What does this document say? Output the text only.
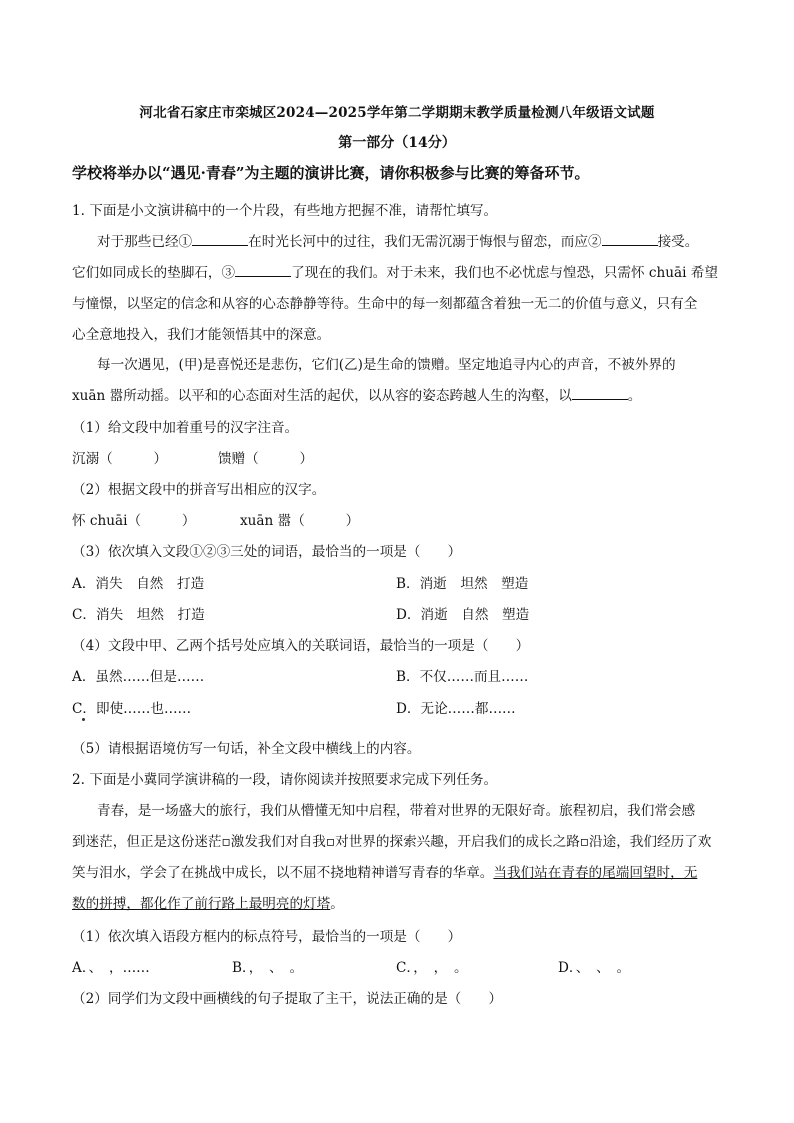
河北省石家庄市栾城区2024—2025学年第二学期期末教学质量检测八年级语文试题
第一部分（14分）
学校将举办以“遇见·青春”为主题的演讲比赛，请你积极参与比赛的筹备环节。
1. 下面是小文演讲稿中的一个片段，有些地方把握不准，请帮忙填写。
对于那些已经①	在时光长河中的过往，我们无需沉溺于悔恨与留恋，而应②	接受。
它们如同成长的垫脚石，③	了现在的我们。对于未来，我们也不必忧虑与惶恐，只需怀 chuāi 希望
与憧憬，以坚定的信念和从容的心态静静等待。生命中的每一刻都蕴含着独一无二的价值与意义，只有全
心全意地投入，我们才能领悟其中的深意。
每一次遇见，(甲)是喜悦还是悲伤，它们(乙)是生命的馈赠。坚定地追寻内心的声音，不被外界的
xuān 嚣所动摇。以平和的心态面对生活的起伏，以从容的姿态跨越人生的沟壑，以	。
（1）给文段中加着重号的汉字注音。
沉溺（　　　）	馈赠（　　　）
（2）根据文段中的拼音写出相应的汉字。
怀 chuāi（　　　）	xuān 嚣（　　　）
（3）依次填入文段①②③三处的词语，最恰当的一项是（　　）
A．消失　自然　打造	B．消逝　坦然　塑造
C．消失　坦然　打造	D．消逝　自然　塑造
（4）文段中甲、乙两个括号处应填入的关联词语，最恰当的一项是（　　）
A．虽然……但是……	B．不仅……而且……
C．即使……也……	D．无论……都……
（5）请根据语境仿写一句话，补全文段中横线上的内容。
2. 下面是小冀同学演讲稿的一段，请你阅读并按照要求完成下列任务。
青春，是一场盛大的旅行，我们从懵懂无知中启程，带着对世界的无限好奇。旅程初启，我们常会感
到迷茫，但正是这份迷茫▫激发我们对自我▫对世界的探索兴趣，开启我们的成长之路▫沿途，我们经历了欢
笑与泪水，学会了在挑战中成长，以不屈不挠地精神谱写青春的华章。当我们站在青春的尾端回望时，无
数的拼搏，都化作了前行路上最明亮的灯塔。
（1）依次填入语段方框内的标点符号，最恰当的一项是（　　）
A．、　，……	B．，　、　。	C．，　，　。	D．、　、　。
（2）同学们为文段中画横线的句子提取了主干，说法正确的是（　　）
